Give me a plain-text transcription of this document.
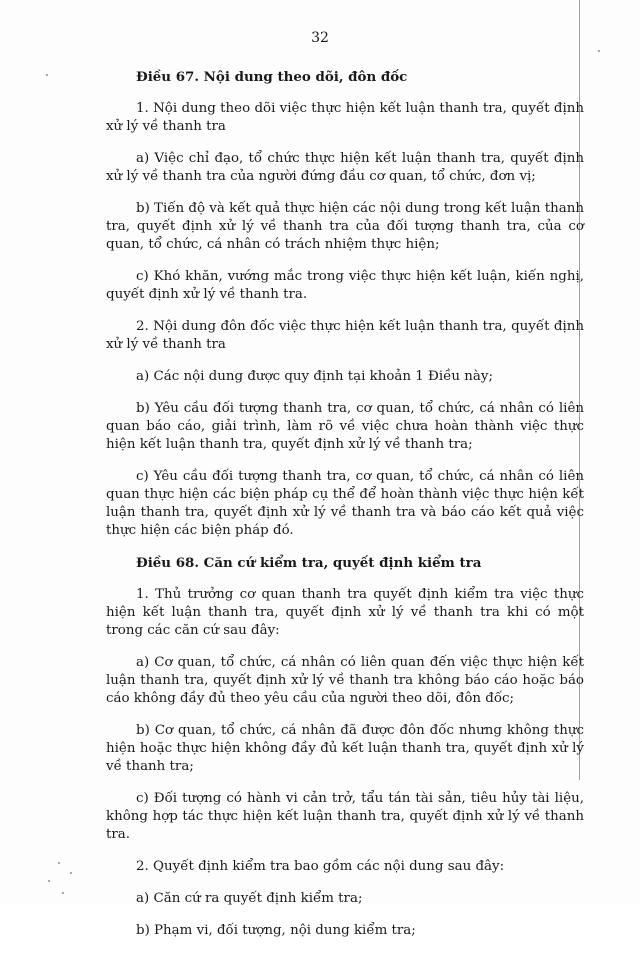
32
Điều 67. Nội dung theo dõi, đôn đốc

1. Nội dung theo dõi việc thực hiện kết luận thanh tra, quyết định xử lý về thanh tra

a) Việc chỉ đạo, tổ chức thực hiện kết luận thanh tra, quyết định xử lý về thanh tra của người đứng đầu cơ quan, tổ chức, đơn vị;

b) Tiến độ và kết quả thực hiện các nội dung trong kết luận thanh tra, quyết định xử lý về thanh tra của đối tượng thanh tra, của cơ quan, tổ chức, cá nhân có trách nhiệm thực hiện;

c) Khó khăn, vướng mắc trong việc thực hiện kết luận, kiến nghị, quyết định xử lý về thanh tra.

2. Nội dung đôn đốc việc thực hiện kết luận thanh tra, quyết định xử lý về thanh tra

a) Các nội dung được quy định tại khoản 1 Điều này;

b) Yêu cầu đối tượng thanh tra, cơ quan, tổ chức, cá nhân có liên quan báo cáo, giải trình, làm rõ về việc chưa hoàn thành việc thực hiện kết luận thanh tra, quyết định xử lý về thanh tra;

c) Yêu cầu đối tượng thanh tra, cơ quan, tổ chức, cá nhân có liên quan thực hiện các biện pháp cụ thể để hoàn thành việc thực hiện kết luận thanh tra, quyết định xử lý về thanh tra và báo cáo kết quả việc thực hiện các biện pháp đó.

Điều 68. Căn cứ kiểm tra, quyết định kiểm tra

1. Thủ trưởng cơ quan thanh tra quyết định kiểm tra việc thực hiện kết luận thanh tra, quyết định xử lý về thanh tra khi có một trong các căn cứ sau đây:

a) Cơ quan, tổ chức, cá nhân có liên quan đến việc thực hiện kết luận thanh tra, quyết định xử lý về thanh tra không báo cáo hoặc báo cáo không đầy đủ theo yêu cầu của người theo dõi, đôn đốc;

b) Cơ quan, tổ chức, cá nhân đã được đôn đốc nhưng không thực hiện hoặc thực hiện không đầy đủ kết luận thanh tra, quyết định xử lý về thanh tra;

c) Đối tượng có hành vi cản trở, tẩu tán tài sản, tiêu hủy tài liệu, không hợp tác thực hiện kết luận thanh tra, quyết định xử lý về thanh tra.

2. Quyết định kiểm tra bao gồm các nội dung sau đây:

a) Căn cứ ra quyết định kiểm tra;

b) Phạm vi, đối tượng, nội dung kiểm tra;
